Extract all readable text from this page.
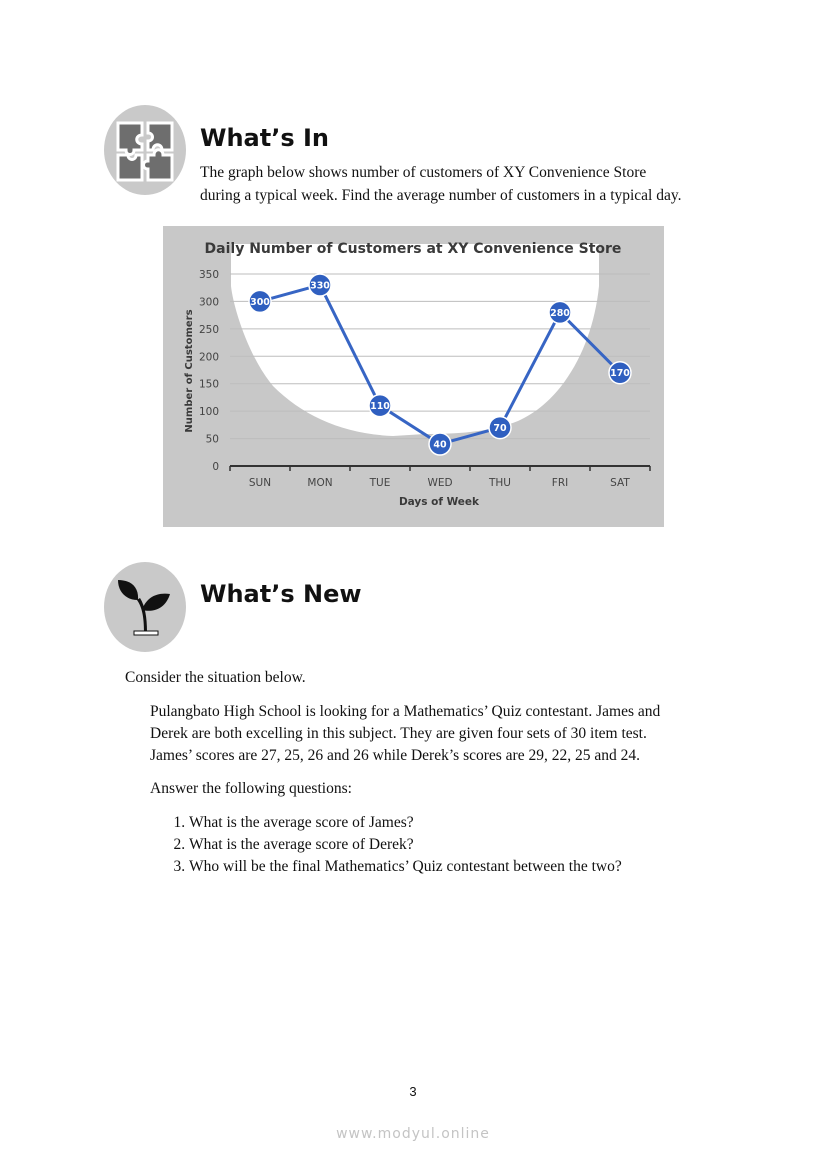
What’s In
The graph below shows number of customers of XY Convenience Store
during a typical week. Find the average number of customers in a typical day.
Daily Number of Customers at XY Convenience Store
Number of Customers
Days of Week
0
50
100
150
200
250
300
350
SUN	MON	TUE	WED	THU	FRI	SAT
300
330
110
40
70
280
170
What’s New
Consider the situation below.
Pulangbato High School is looking for a Mathematics’ Quiz contestant. James and
Derek are both excelling in this subject. They are given four sets of 30 item test.
James’ scores are 27, 25, 26 and 26 while Derek’s scores are 29, 22, 25 and 24.
Answer the following questions:
1. What is the average score of James?
2. What is the average score of Derek?
3. Who will be the final Mathematics’ Quiz contestant between the two?
3
www.modyul.online
